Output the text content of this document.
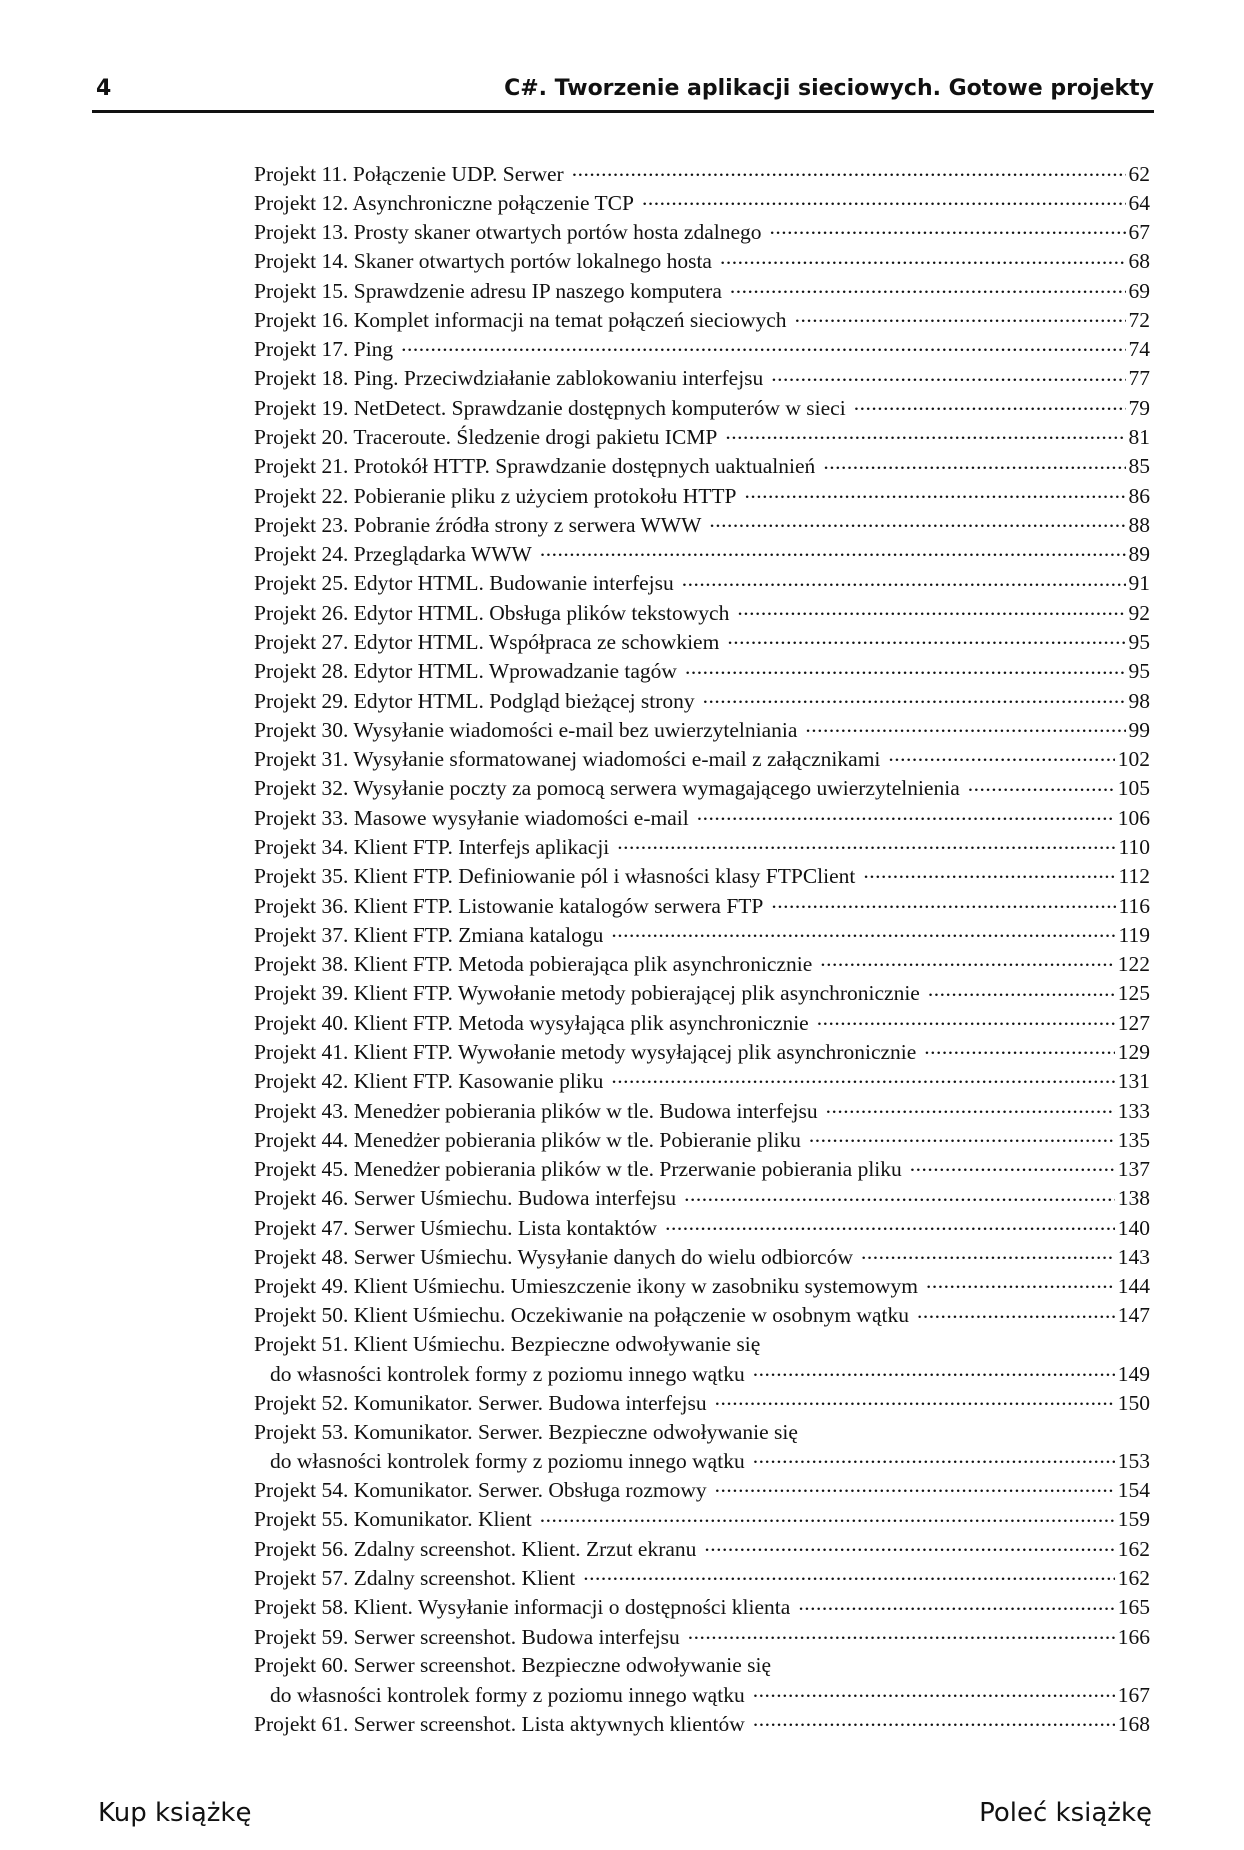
4	C#. Tworzenie aplikacji sieciowych. Gotowe projekty
Projekt 11. Połączenie UDP. Serwer .....	62
Projekt 12. Asynchroniczne połączenie TCP .....	64
Projekt 13. Prosty skaner otwartych portów hosta zdalnego .....	67
Projekt 14. Skaner otwartych portów lokalnego hosta .....	68
Projekt 15. Sprawdzenie adresu IP naszego komputera .....	69
Projekt 16. Komplet informacji na temat połączeń sieciowych .....	72
Projekt 17. Ping .....	74
Projekt 18. Ping. Przeciwdziałanie zablokowaniu interfejsu .....	77
Projekt 19. NetDetect. Sprawdzanie dostępnych komputerów w sieci .....	79
Projekt 20. Traceroute. Śledzenie drogi pakietu ICMP .....	81
Projekt 21. Protokół HTTP. Sprawdzanie dostępnych uaktualnień .....	85
Projekt 22. Pobieranie pliku z użyciem protokołu HTTP .....	86
Projekt 23. Pobranie źródła strony z serwera WWW .....	88
Projekt 24. Przeglądarka WWW .....	89
Projekt 25. Edytor HTML. Budowanie interfejsu .....	91
Projekt 26. Edytor HTML. Obsługa plików tekstowych .....	92
Projekt 27. Edytor HTML. Współpraca ze schowkiem .....	95
Projekt 28. Edytor HTML. Wprowadzanie tagów .....	95
Projekt 29. Edytor HTML. Podgląd bieżącej strony .....	98
Projekt 30. Wysyłanie wiadomości e-mail bez uwierzytelniania .....	99
Projekt 31. Wysyłanie sformatowanej wiadomości e-mail z załącznikami .....	102
Projekt 32. Wysyłanie poczty za pomocą serwera wymagającego uwierzytelnienia .....	105
Projekt 33. Masowe wysyłanie wiadomości e-mail .....	106
Projekt 34. Klient FTP. Interfejs aplikacji .....	110
Projekt 35. Klient FTP. Definiowanie pól i własności klasy FTPClient .....	112
Projekt 36. Klient FTP. Listowanie katalogów serwera FTP .....	116
Projekt 37. Klient FTP. Zmiana katalogu .....	119
Projekt 38. Klient FTP. Metoda pobierająca plik asynchronicznie .....	122
Projekt 39. Klient FTP. Wywołanie metody pobierającej plik asynchronicznie .....	125
Projekt 40. Klient FTP. Metoda wysyłająca plik asynchronicznie .....	127
Projekt 41. Klient FTP. Wywołanie metody wysyłającej plik asynchronicznie .....	129
Projekt 42. Klient FTP. Kasowanie pliku .....	131
Projekt 43. Menedżer pobierania plików w tle. Budowa interfejsu .....	133
Projekt 44. Menedżer pobierania plików w tle. Pobieranie pliku .....	135
Projekt 45. Menedżer pobierania plików w tle. Przerwanie pobierania pliku .....	137
Projekt 46. Serwer Uśmiechu. Budowa interfejsu .....	138
Projekt 47. Serwer Uśmiechu. Lista kontaktów .....	140
Projekt 48. Serwer Uśmiechu. Wysyłanie danych do wielu odbiorców .....	143
Projekt 49. Klient Uśmiechu. Umieszczenie ikony w zasobniku systemowym .....	144
Projekt 50. Klient Uśmiechu. Oczekiwanie na połączenie w osobnym wątku .....	147
Projekt 51. Klient Uśmiechu. Bezpieczne odwoływanie się
do własności kontrolek formy z poziomu innego wątku .....	149
Projekt 52. Komunikator. Serwer. Budowa interfejsu .....	150
Projekt 53. Komunikator. Serwer. Bezpieczne odwoływanie się
do własności kontrolek formy z poziomu innego wątku .....	153
Projekt 54. Komunikator. Serwer. Obsługa rozmowy .....	154
Projekt 55. Komunikator. Klient .....	159
Projekt 56. Zdalny screenshot. Klient. Zrzut ekranu .....	162
Projekt 57. Zdalny screenshot. Klient .....	162
Projekt 58. Klient. Wysyłanie informacji o dostępności klienta .....	165
Projekt 59. Serwer screenshot. Budowa interfejsu .....	166
Projekt 60. Serwer screenshot. Bezpieczne odwoływanie się
do własności kontrolek formy z poziomu innego wątku .....	167
Projekt 61. Serwer screenshot. Lista aktywnych klientów .....	168
Kup książkę	Poleć książkę
